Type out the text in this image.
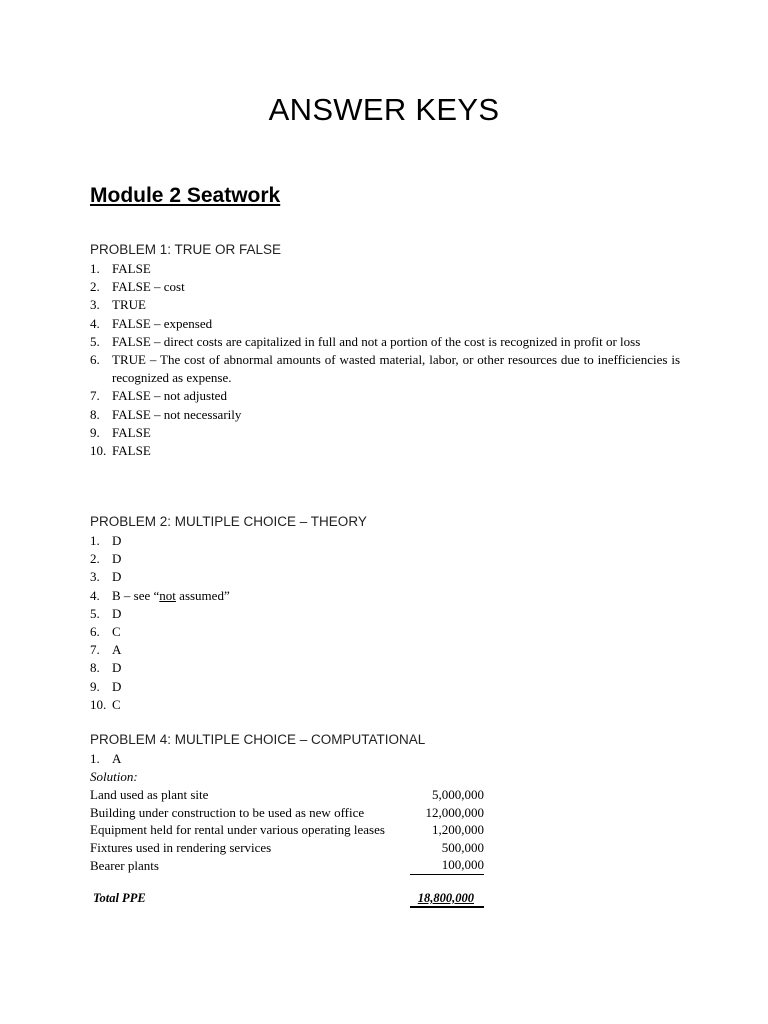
ANSWER KEYS
Module 2 Seatwork
PROBLEM 1: TRUE OR FALSE
1. FALSE
2. FALSE – cost
3. TRUE
4. FALSE – expensed
5. FALSE – direct costs are capitalized in full and not a portion of the cost is recognized in profit or loss
6. TRUE – The cost of abnormal amounts of wasted material, labor, or other resources due to inefficiencies is recognized as expense.
7. FALSE – not adjusted
8. FALSE – not necessarily
9. FALSE
10. FALSE
PROBLEM 2: MULTIPLE CHOICE – THEORY
1. D
2. D
3. D
4. B – see “not assumed”
5. D
6. C
7. A
8. D
9. D
10. C
PROBLEM 4: MULTIPLE CHOICE – COMPUTATIONAL
1. A
Solution:
Land used as plant site	5,000,000
Building under construction to be used as new office	12,000,000
Equipment held for rental under various operating leases	1,200,000
Fixtures used in rendering services	500,000
Bearer plants	100,000
Total PPE	18,800,000
